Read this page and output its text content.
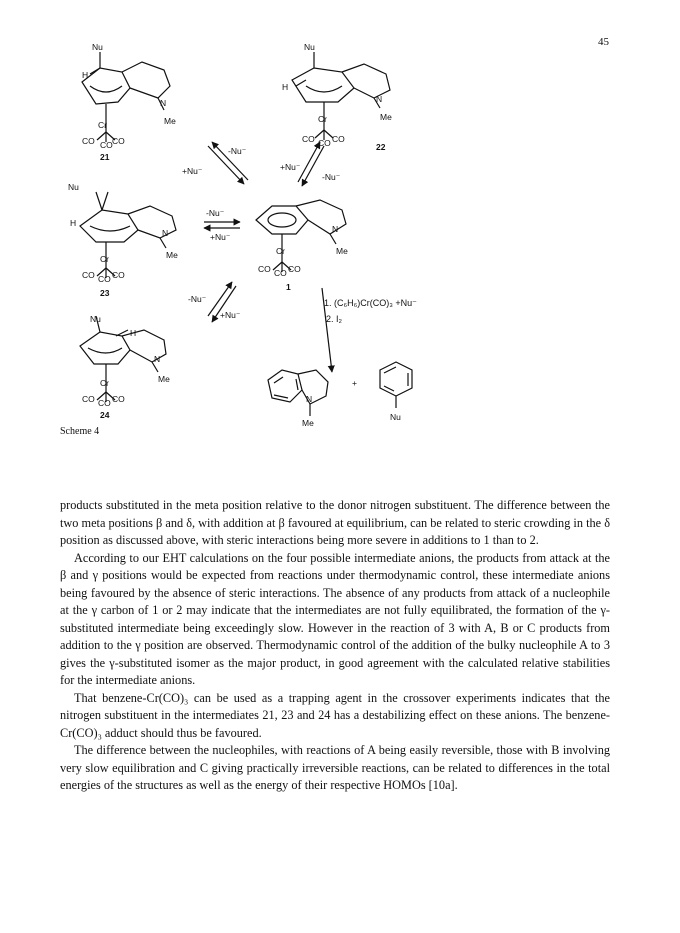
45
Nu
H
N
Me
Cr
CO CO CO
21
Nu
H
N
Me
Cr
CO CO CO
22
+Nu⁻
-Nu⁻
+Nu⁻
-Nu⁻
Nu
H
N
Me
Cr
CO CO CO
23
-Nu⁻
+Nu⁻
N
Me
Cr
CO CO CO
1
-Nu⁻
+Nu⁻
1. (C₆H₆)Cr(CO)₃ +Nu⁻
2. I₂
Nu
H
N
Me
Cr
CO CO CO
24
N
Me
+
Nu
Scheme 4

products substituted in the meta position relative to the donor nitrogen substituent. The difference between the two meta positions β and δ, with addition at β favoured at equilibrium, can be related to steric crowding in the δ position as discussed above, with steric interactions being more severe in additions to 1 than to 2.

According to our EHT calculations on the four possible intermediate anions, the products from attack at the β and γ positions would be expected from reactions under thermodynamic control, these intermediate anions being favoured by the absence of steric interactions. The absence of any products from attack of a nucleophile at the γ carbon of 1 or 2 may indicate that the intermediates are not fully equilibrated, the formation of the γ-substituted intermediate being exceedingly slow. However in the reaction of 3 with A, B or C products from addition to the γ position are observed. Thermodynamic control of the addition of the bulky nucleophile A to 3 gives the γ-substituted isomer as the major product, in good agreement with the calculated relative stabilities for the intermediate anions.

That benzene-Cr(CO)₃ can be used as a trapping agent in the crossover experiments indicates that the nitrogen substituent in the intermediates 21, 23 and 24 has a destabilizing effect on these anions. The benzene-Cr(CO)₃ adduct should thus be favoured.

The difference between the nucleophiles, with reactions of A being easily reversible, those with B involving very slow equilibration and C giving practically irreversible reactions, can be related to differences in the total energies of the structures as well as the energy of their respective HOMOs [10a].
